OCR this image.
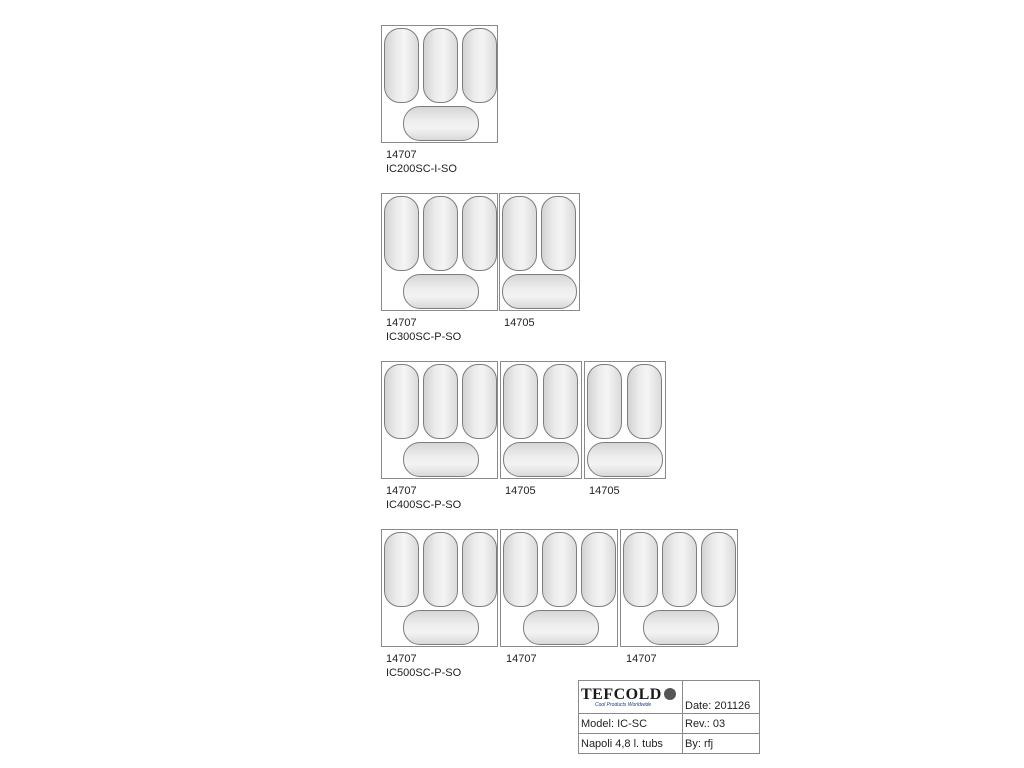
14707
IC200SC-I-SO
14707	14705
IC300SC-P-SO
14707	14705	14705
IC400SC-P-SO
14707	14707	14707
IC500SC-P-SO
TEFCOLD
Cool Products Worldwide	Date: 201126
Model: IC-SC	Rev.: 03
Napoli 4,8 l. tubs	By: rfj
